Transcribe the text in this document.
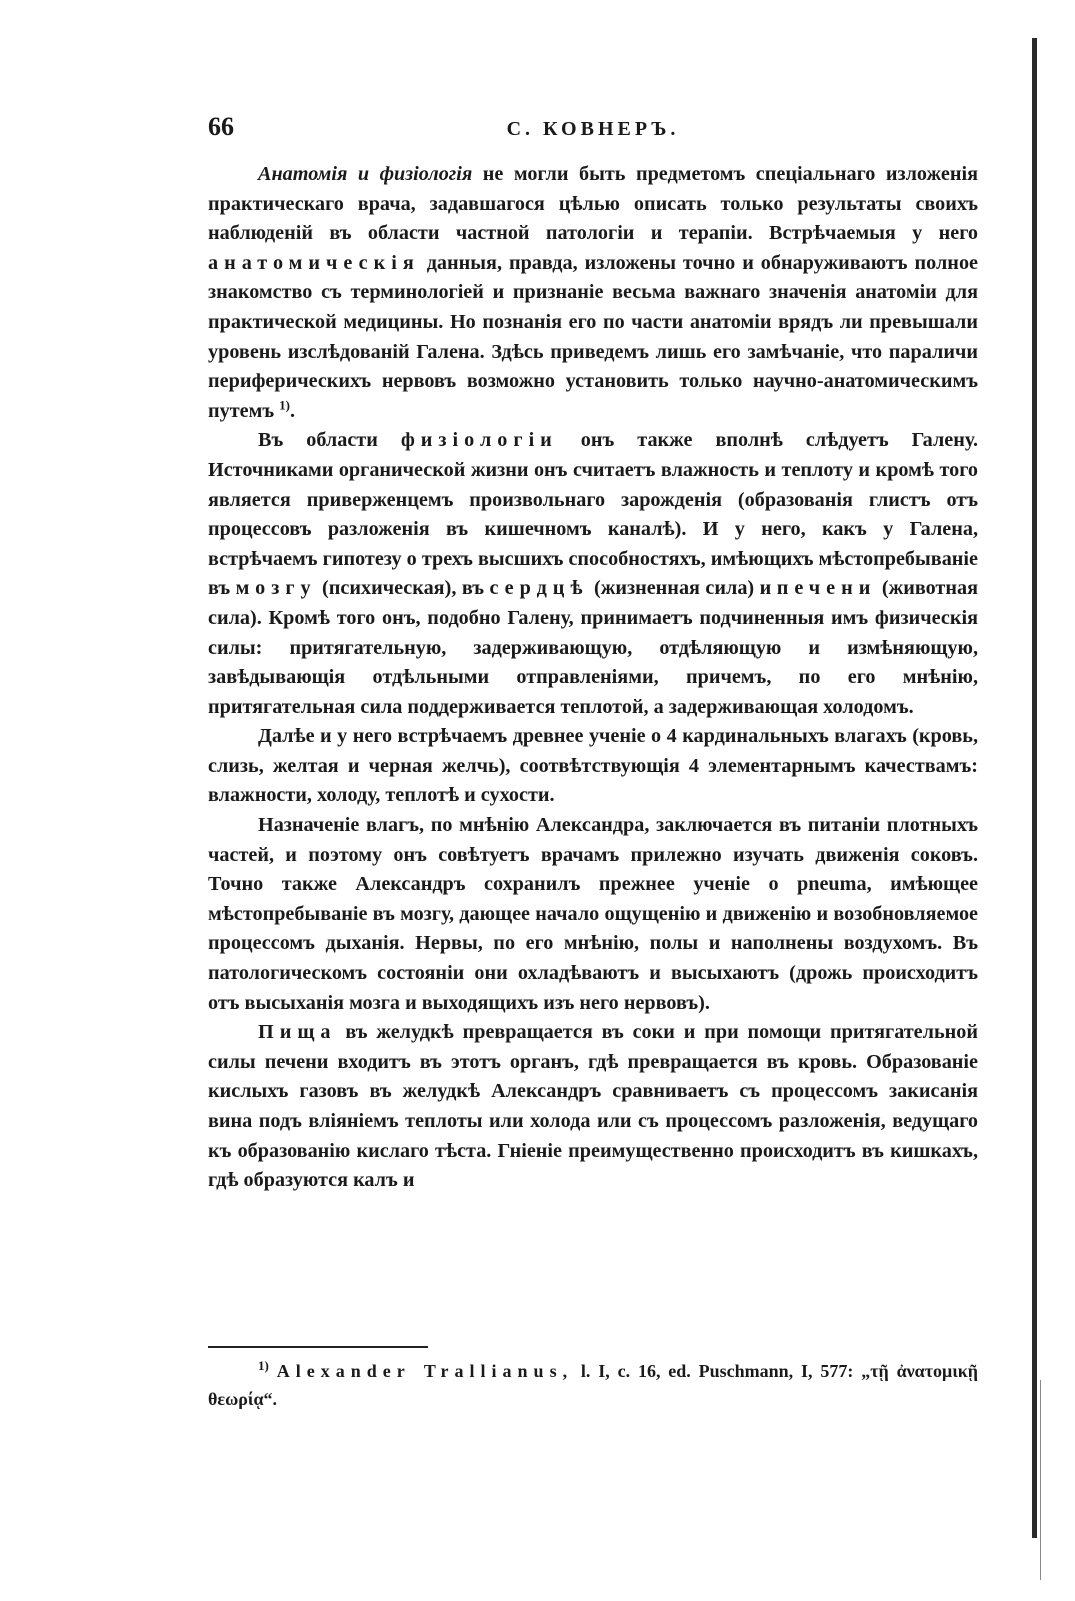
66	С. КОВНЕРЪ.

Анатомія и физіологія не могли быть предметомъ спеціальнаго изложенія практическаго врача, задавшагося цѣлью описать только результаты своихъ наблюденій въ области частной патологіи и терапіи. Встрѣчаемыя у него анатомическія данныя, правда, изложены точно и обнаруживаютъ полное знакомство съ терминологіей и признаніе весьма важнаго значенія анатоміи для практической медицины. Но познанія его по части анатоміи врядъ ли превышали уровень изслѣдованій Галена. Здѣсь приведемъ лишь его замѣчаніе, что параличи периферическихъ нервовъ возможно установить только научно-анатомическимъ путемъ $^{1)}$.

Въ области физіологіи онъ также вполнѣ слѣдуетъ Галену. Источниками органической жизни онъ считаетъ влажность и теплоту и кромѣ того является приверженцемъ произвольнаго зарожденія (образованія глистъ отъ процессовъ разложенія въ кишечномъ каналѣ). И у него, какъ у Галена, встрѣчаемъ гипотезу о трехъ высшихъ способностяхъ, имѣющихъ мѣстопребываніе въ мозгу (психическая), въ сердцѣ (жизненная сила) и печени (животная сила). Кромѣ того онъ, подобно Галену, принимаетъ подчиненныя имъ физическія силы: притягательную, задерживающую, отдѣляющую и измѣняющую, завѣдывающія отдѣльными отправленіями, причемъ, по его мнѣнію, притягательная сила поддерживается теплотой, а задерживающая холодомъ.

Далѣе и у него встрѣчаемъ древнее ученіе о 4 кардинальныхъ влагахъ (кровь, слизь, желтая и черная желчь), соотвѣтствующія 4 элементарнымъ качествамъ: влажности, холоду, теплотѣ и сухости.

Назначеніе влагъ, по мнѣнію Александра, заключается въ питаніи плотныхъ частей, и поэтому онъ совѣтуетъ врачамъ прилежно изучать движенія соковъ. Точно также Александръ сохранилъ прежнее ученіе о pneuma, имѣющее мѣстопребываніе въ мозгу, дающее начало ощущенію и движенію и возобновляемое процессомъ дыханія. Нервы, по его мнѣнію, полы и наполнены воздухомъ. Въ патологическомъ состояніи они охладѣваютъ и высыхаютъ (дрожь происходитъ отъ высыханія мозга и выходящихъ изъ него нервовъ).

Пища въ желудкѣ превращается въ соки и при помощи притягательной силы печени входитъ въ этотъ органъ, гдѣ превращается въ кровь. Образованіе кислыхъ газовъ въ желудкѣ Александръ сравниваетъ съ процессомъ закисанія вина подъ вліяніемъ теплоты или холода или съ процессомъ разложенія, ведущаго къ образованію кислаго тѣста. Гніеніе преимущественно происходитъ въ кишкахъ, гдѣ образуются калъ и

$^{1)}$ Alexander Trallianus, l. I, c. 16, ed. Puschmann, I, 577: „τῇ ἀνατομικῇ θεωρίᾳ“.
